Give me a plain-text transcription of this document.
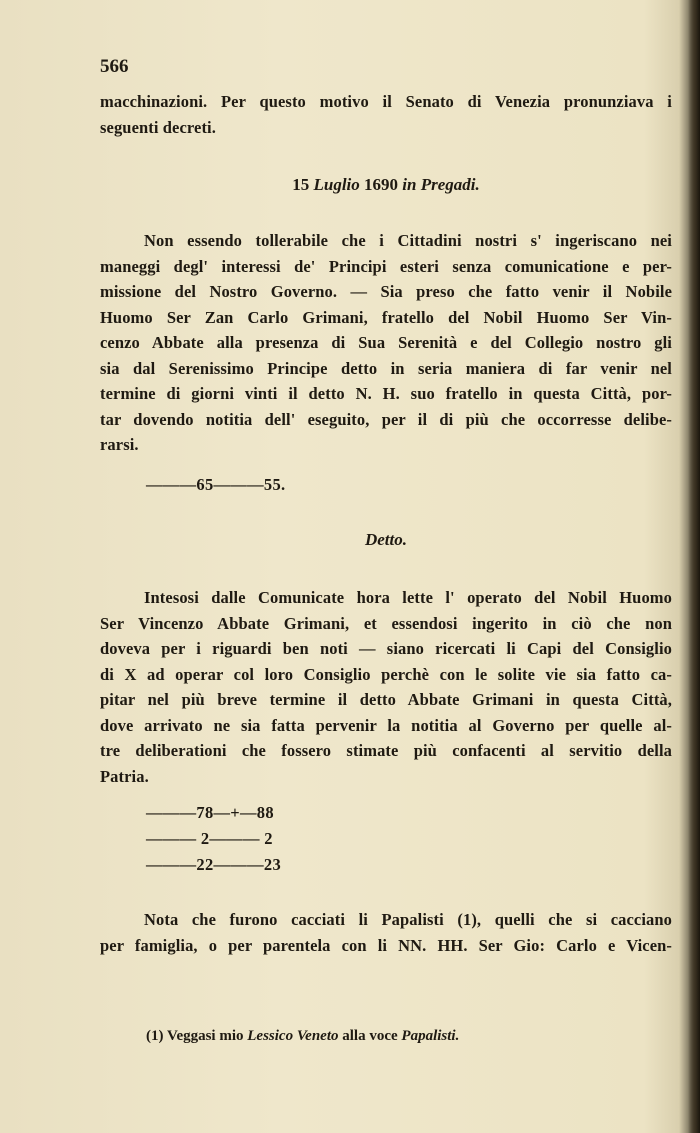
566
macchinazioni. Per questo motivo il Senato di Venezia pronunziava i
seguenti decreti.
15 Luglio 1690 in Pregadi.
Non essendo tollerabile che i Cittadini nostri s' ingeriscano nei
maneggi degl' interessi de' Principi esteri senza comunicatione e per-
missione del Nostro Governo. — Sia preso che fatto venir il Nobile
Huomo Ser Zan Carlo Grimani, fratello del Nobil Huomo Ser Vin-
cenzo Abbate alla presenza di Sua Serenità e del Collegio nostro gli
sia dal Serenissimo Principe detto in seria maniera di far venir nel
termine di giorni vinti il detto N. H. suo fratello in questa Città, por-
tar dovendo notitia dell' eseguito, per il di più che occorresse delibe-
rarsi.
———65———55.
Detto.
Intesosi dalle Comunicate hora lette l' operato del Nobil Huomo
Ser Vincenzo Abbate Grimani, et essendosi ingerito in ciò che non
doveva per i riguardi ben noti — siano ricercati li Capi del Consiglio
di X ad operar col loro Consiglio perchè con le solite vie sia fatto ca-
pitar nel più breve termine il detto Abbate Grimani in questa Città,
dove arrivato ne sia fatta pervenir la notitia al Governo per quelle al-
tre deliberationi che fossero stimate più confacenti al servitio della
Patria.
———78—+—88
——— 2——— 2
———22———23
Nota che furono cacciati li Papalisti (1), quelli che si cacciano
per famiglia, o per parentela con li NN. HH. Ser Gio: Carlo e Vicen-
(1) Veggasi mio Lessico Veneto alla voce Papalisti.
